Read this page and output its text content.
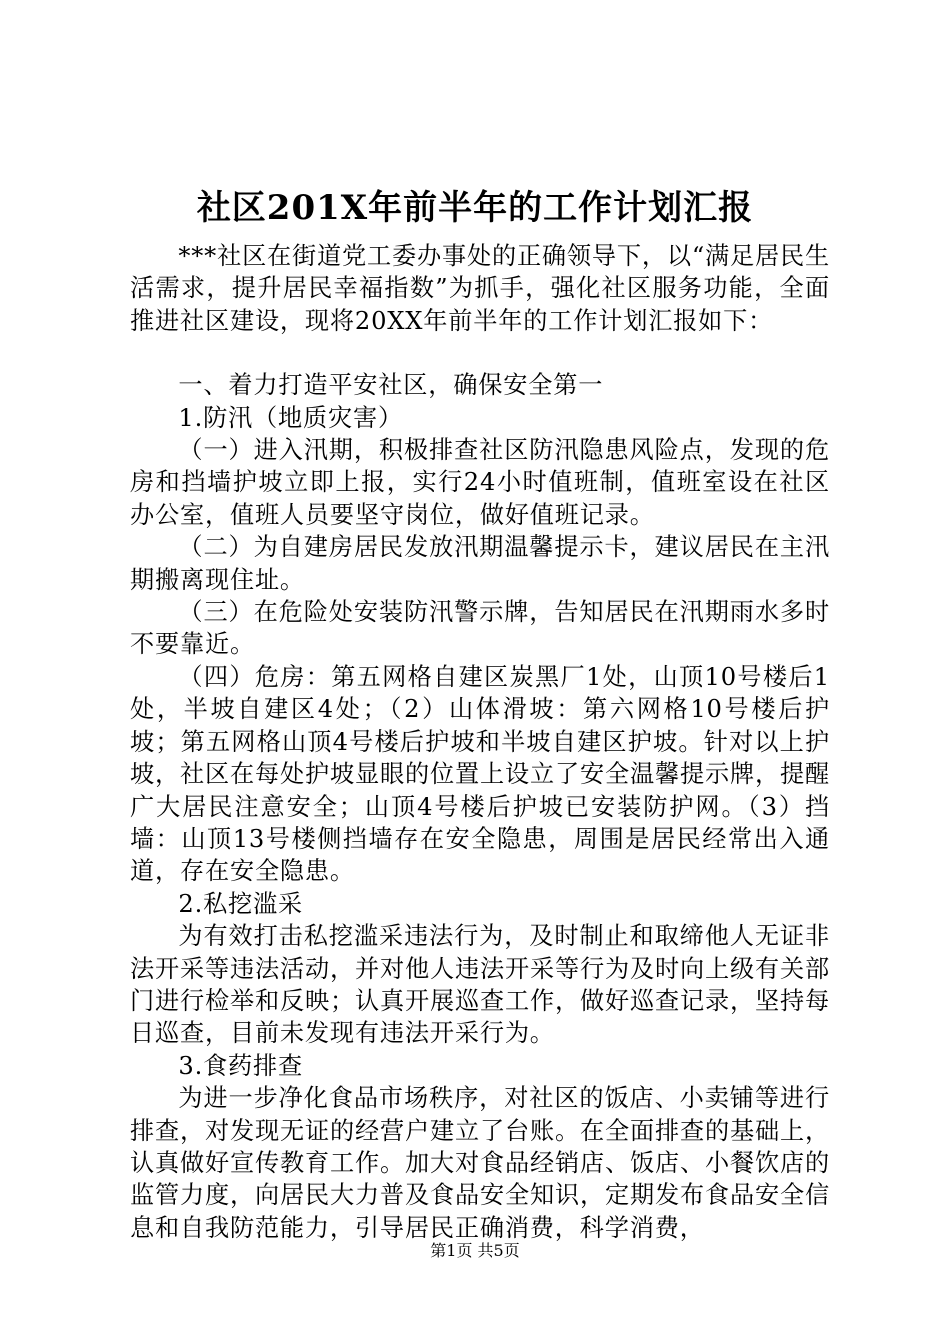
社区201X年前半年的工作计划汇报

***社区在街道党工委办事处的正确领导下，以“满足居民生活需求，提升居民幸福指数”为抓手，强化社区服务功能，全面推进社区建设，现将20XX年前半年的工作计划汇报如下：

一、着力打造平安社区，确保安全第一

1.防汛（地质灾害）

（一）进入汛期，积极排查社区防汛隐患风险点，发现的危房和挡墙护坡立即上报，实行24小时值班制，值班室设在社区办公室，值班人员要坚守岗位，做好值班记录。

（二）为自建房居民发放汛期温馨提示卡，建议居民在主汛期搬离现住址。

（三）在危险处安装防汛警示牌，告知居民在汛期雨水多时不要靠近。

（四）危房：第五网格自建区炭黑厂1处，山顶10号楼后1处，半坡自建区4处；（2）山体滑坡：第六网格10号楼后护坡；第五网格山顶4号楼后护坡和半坡自建区护坡。针对以上护坡，社区在每处护坡显眼的位置上设立了安全温馨提示牌，提醒广大居民注意安全；山顶4号楼后护坡已安装防护网。（3）挡墙：山顶13号楼侧挡墙存在安全隐患，周围是居民经常出入通道，存在安全隐患。

2.私挖滥采

为有效打击私挖滥采违法行为，及时制止和取缔他人无证非法开采等违法活动，并对他人违法开采等行为及时向上级有关部门进行检举和反映；认真开展巡查工作，做好巡查记录，坚持每日巡查，目前未发现有违法开采行为。

3.食药排查

为进一步净化食品市场秩序，对社区的饭店、小卖铺等进行排查，对发现无证的经营户建立了台账。在全面排查的基础上，认真做好宣传教育工作。加大对食品经销店、饭店、小餐饮店的监管力度，向居民大力普及食品安全知识，定期发布食品安全信息和自我防范能力，引导居民正确消费，科学消费，

第1页 共5页
